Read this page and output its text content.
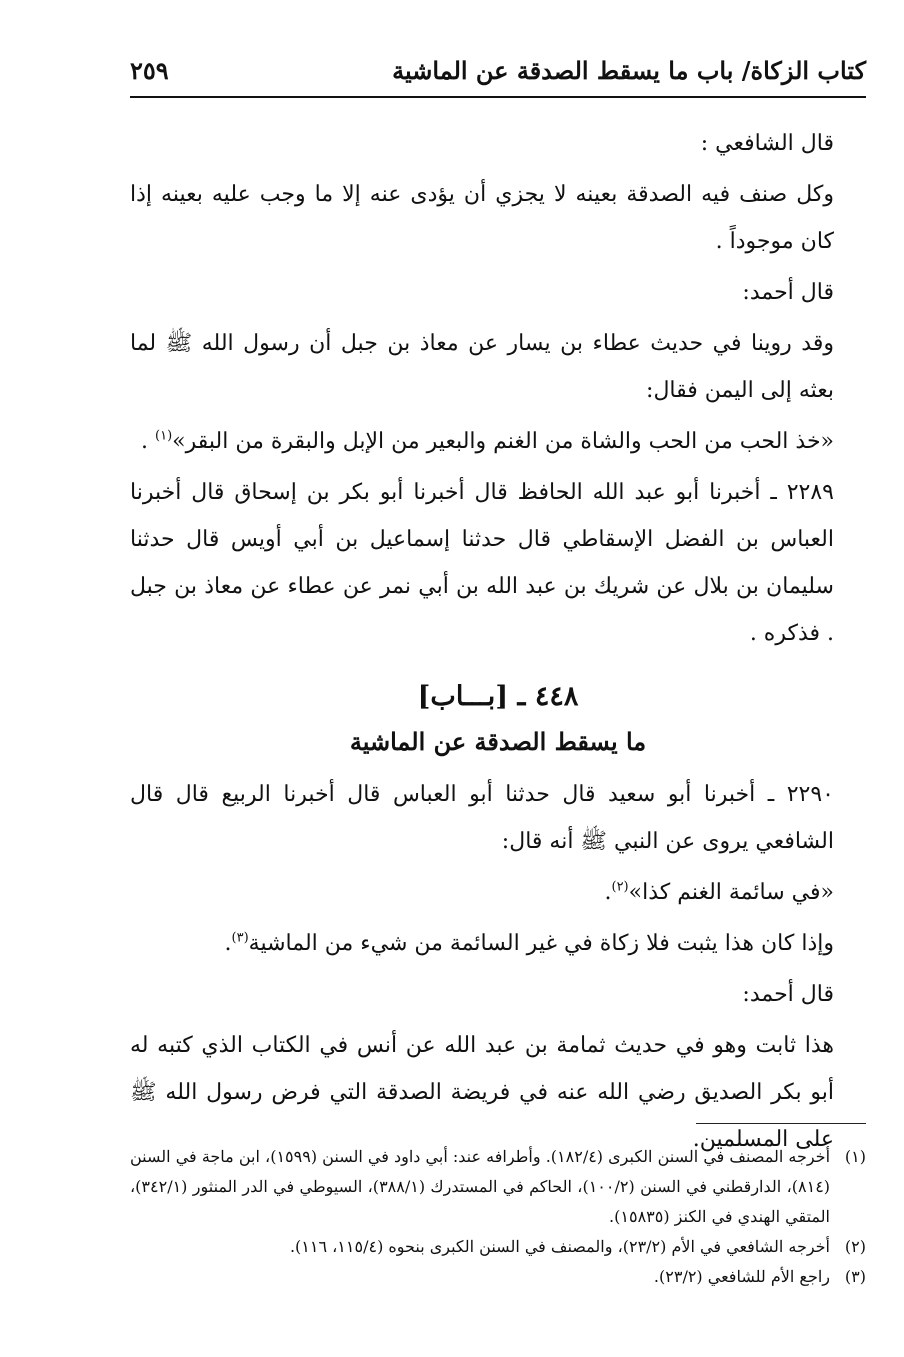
كتاب الزكاة/ باب ما يسقط الصدقة عن الماشية
٢٥٩

قال الشافعي :

وكل صنف فيه الصدقة بعينه لا يجزي أن يؤدى عنه إلا ما وجب عليه بعينه إذا كان موجوداً .

قال أحمد:

وقد روينا في حديث عطاء بن يسار عن معاذ بن جبل أن رسول الله ﷺ لما بعثه إلى اليمن فقال:

«خذ الحب من الحب والشاة من الغنم والبعير من الإبل والبقرة من البقر»$^{(١)}$ .

٢٢٨٩ ـ أخبرنا أبو عبد الله الحافظ قال أخبرنا أبو بكر بن إسحاق قال أخبرنا العباس بن الفضل الإسقاطي قال حدثنا إسماعيل بن أبي أويس قال حدثنا سليمان بن بلال عن شريك بن عبد الله بن أبي نمر عن عطاء عن معاذ بن جبل . فذكره .

٤٤٨ ـ [بـــاب]
ما يسقط الصدقة عن الماشية

٢٢٩٠ ـ أخبرنا أبو سعيد قال حدثنا أبو العباس قال أخبرنا الربيع قال قال الشافعي يروى عن النبي ﷺ أنه قال:

«في سائمة الغنم كذا»$^{(٢)}$.

وإذا كان هذا يثبت فلا زكاة في غير السائمة من شيء من الماشية$^{(٣)}$.

قال أحمد:

هذا ثابت وهو في حديث ثمامة بن عبد الله عن أنس في الكتاب الذي كتبه له أبو بكر الصديق رضي الله عنه في فريضة الصدقة التي فرض رسول الله ﷺ على المسلمين.

(١)
أخرجه المصنف في السنن الكبرى (١٨٢/٤). وأطرافه عند: أبي داود في السنن (١٥٩٩)، ابن ماجة في السنن (٨١٤)، الدارقطني في السنن (١٠٠/٢)، الحاكم في المستدرك (٣٨٨/١)، السيوطي في الدر المنثور (٣٤٢/١)، المتقي الهندي في الكنز (١٥٨٣٥).
(٢)
أخرجه الشافعي في الأم (٢٣/٢)، والمصنف في السنن الكبرى بنحوه (١١٥/٤، ١١٦).
(٣)
راجع الأم للشافعي (٢٣/٢).
